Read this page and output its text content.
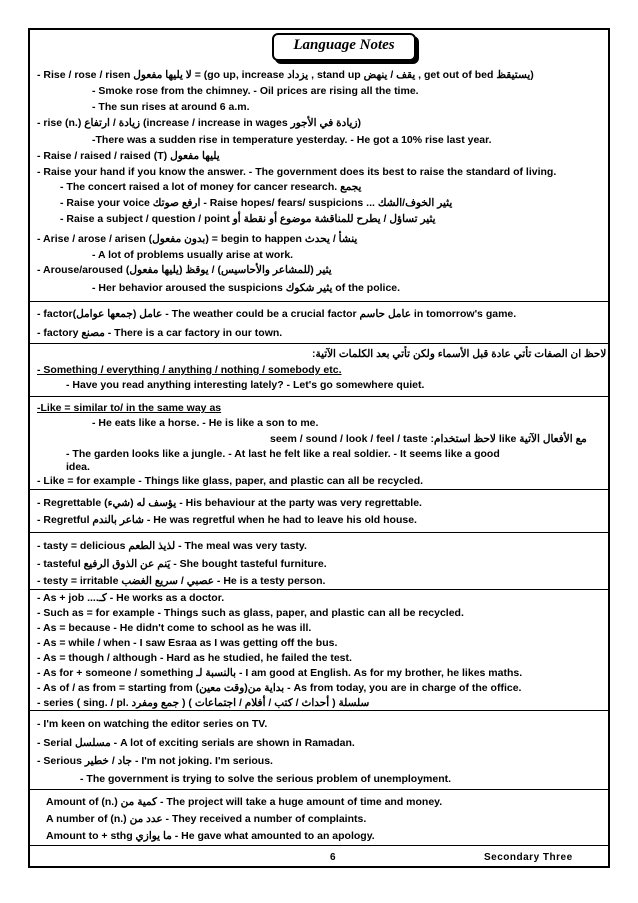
Language Notes
- Rise / rose / risen لا يليها مفعول = (go up, increase يزداد , stand up يقف / ينهض , get out of bed يستيقظ)
- Smoke rose from the chimney. - Oil prices are rising all the time.
- The sun rises at around 6 a.m.
- rise (n.) زيادة / ارتفاع (increase / increase in wages زيادة في الأجور)
-There was a sudden rise in temperature yesterday. - He got a 10% rise last year.
- Raise / raised / raised (T) يليها مفعول
- Raise your hand if you know the answer. - The government does its best to raise the standard of living.
- The concert raised a lot of money for cancer research. يجمع
- Raise your voice ارفع صوتك - Raise hopes/ fears/ suspicions ... يثير الخوف/الشك
- Raise a subject / question / point يثير تساؤل / يطرح للمناقشة موضوع أو نقطة أو
- Arise / arose / arisen (بدون مفعول) = begin to happen ينشأ / يحدث
- A lot of problems usually arise at work.
- Arouse/aroused يثير (للمشاعر والأحاسيس) / يوقظ (يليها مفعول)
- Her behavior aroused the suspicions يثير شكوك of the police.
- factor(جمعها عوامل) عامل - The weather could be a crucial factor عامل حاسم in tomorrow's game.
- factory مصنع - There is a car factory in our town.
لاحظ ان الصفات تأتي عادة قبل الأسماء ولكن تأتي بعد الكلمات الآتية:
- Something / everything / anything / nothing / somebody etc.
- Have you read anything interesting lately? - Let's go somewhere quiet.
-Like = similar to/ in the same way as
- He eats like a horse. - He is like a son to me.
seem / sound / look / feel / taste :لاحظ استخدام like مع الأفعال الآتية
- The garden looks like a jungle. - At last he felt like a real soldier. - It seems like a good
idea.
- Like = for example - Things like glass, paper, and plastic can all be recycled.
- Regrettable (شيء) يؤسف له - His behaviour at the party was very regrettable.
- Regretful شاعر بالندم - He was regretful when he had to leave his old house.
- tasty = delicious لذيذ الطعم - The meal was very tasty.
- tasteful يَنم عن الذوق الرفيع - She bought tasteful furniture.
- testy = irritable عصبي / سريع الغضب - He is a testy person.
- As + job ....كـ - He works as a doctor.
- Such as = for example - Things such as glass, paper, and plastic can all be recycled.
- As = because - He didn't come to school as he was ill.
- As = while / when - I saw Esraa as I was getting off the bus.
- As = though / although - Hard as he studied, he failed the test.
- As for + someone / something بالنسبة لـ - I am good at English. As for my brother, he likes maths.
- As of / as from = starting from بداية من(وقت معين) - As from today, you are in charge of the office.
- series ( sing. / pl. جمع ومفرد ) سلسلة ( أحداث / كتب / أفلام / اجتماعات )
- I'm keen on watching the editor series on TV.
- Serial مسلسل - A lot of exciting serials are shown in Ramadan.
- Serious جاد / خطير - I'm not joking. I'm serious.
- The government is trying to solve the serious problem of unemployment.
Amount of (n.) كمية من - The project will take a huge amount of time and money.
A number of (n.) عدد من - They received a number of complaints.
Amount to + sthg ما يوازي - He gave what amounted to an apology.
6	Secondary Three
